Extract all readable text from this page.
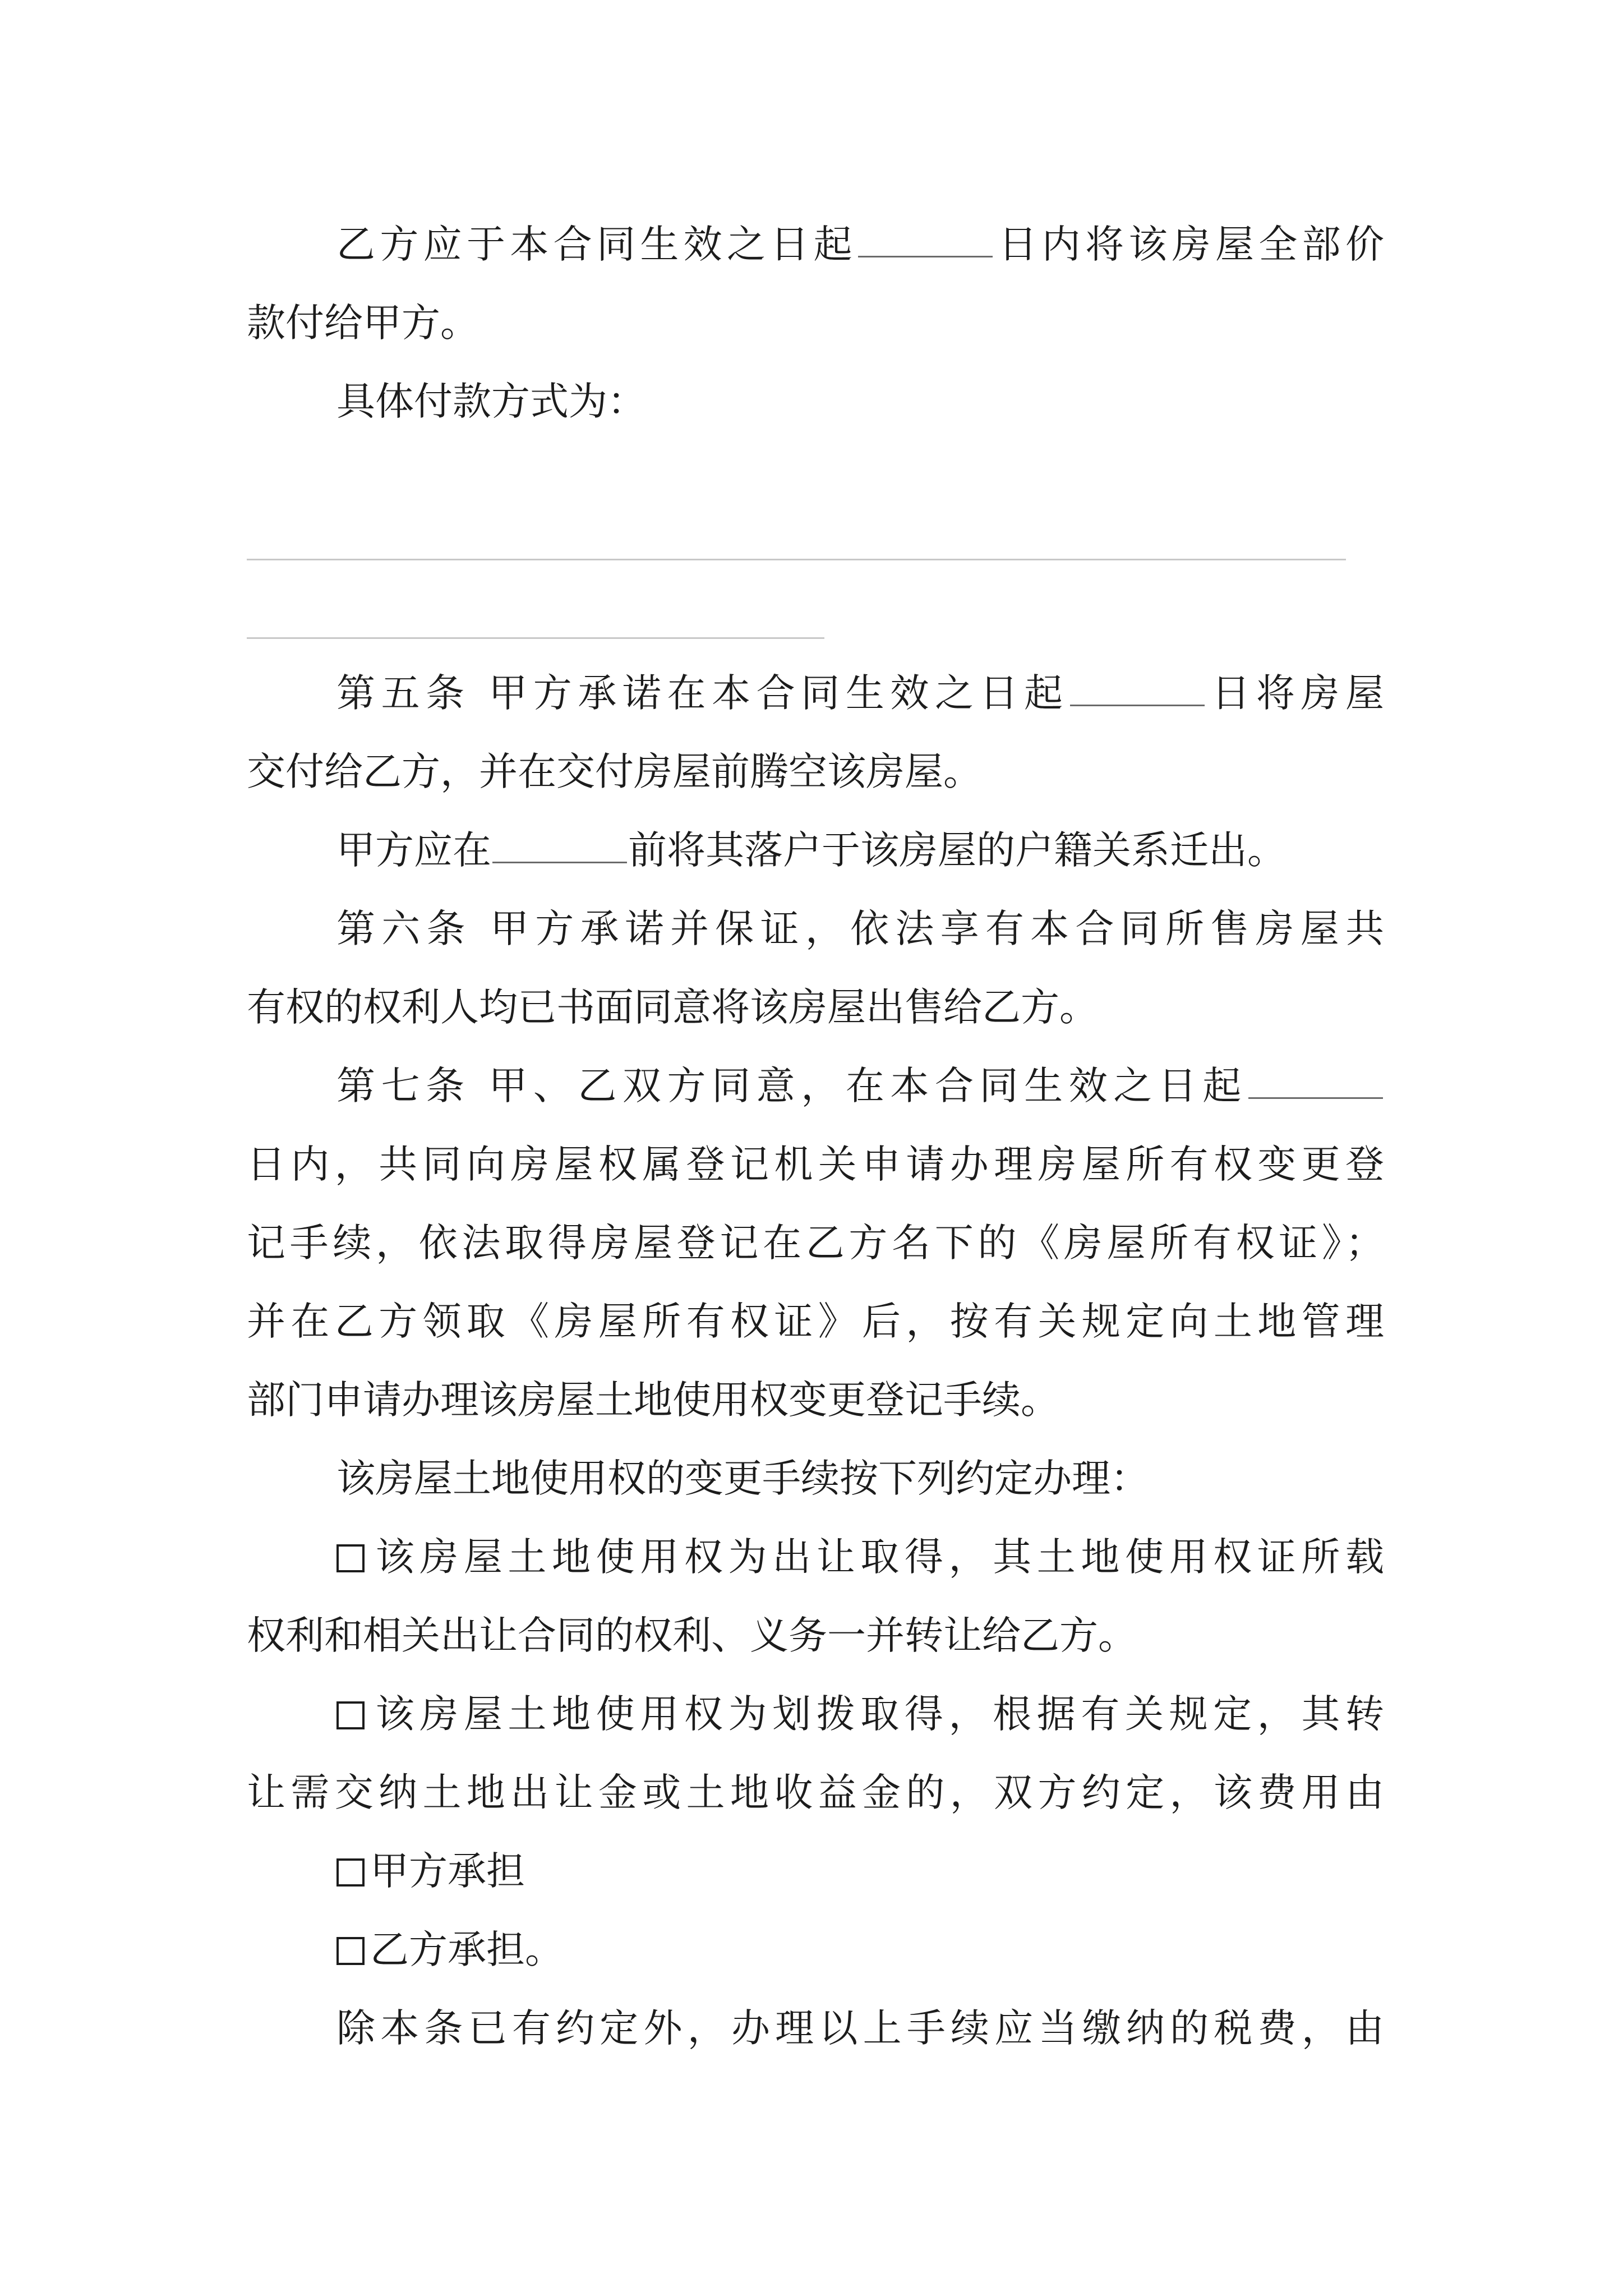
乙方应于本合同生效之日起	日内将该房屋全部价
款付给甲方。
具体付款方式为：
第五条 甲方承诺在本合同生效之日起	日将房屋
交付给乙方，并在交付房屋前腾空该房屋。
甲方应在	前将其落户于该房屋的户籍关系迁出。
第六条 甲方承诺并保证，依法享有本合同所售房屋共
有权的权利人均已书面同意将该房屋出售给乙方。
第七条 甲、乙双方同意，在本合同生效之日起
日内，共同向房屋权属登记机关申请办理房屋所有权变更登
记手续，依法取得房屋登记在乙方名下的《房屋所有权证》；
并在乙方领取《房屋所有权证》后，按有关规定向土地管理
部门申请办理该房屋土地使用权变更登记手续。
该房屋土地使用权的变更手续按下列约定办理：
该房屋土地使用权为出让取得，其土地使用权证所载
权利和相关出让合同的权利、义务一并转让给乙方。
该房屋土地使用权为划拨取得，根据有关规定，其转
让需交纳土地出让金或土地收益金的，双方约定，该费用由
甲方承担
乙方承担。
除本条已有约定外，办理以上手续应当缴纳的税费，由
